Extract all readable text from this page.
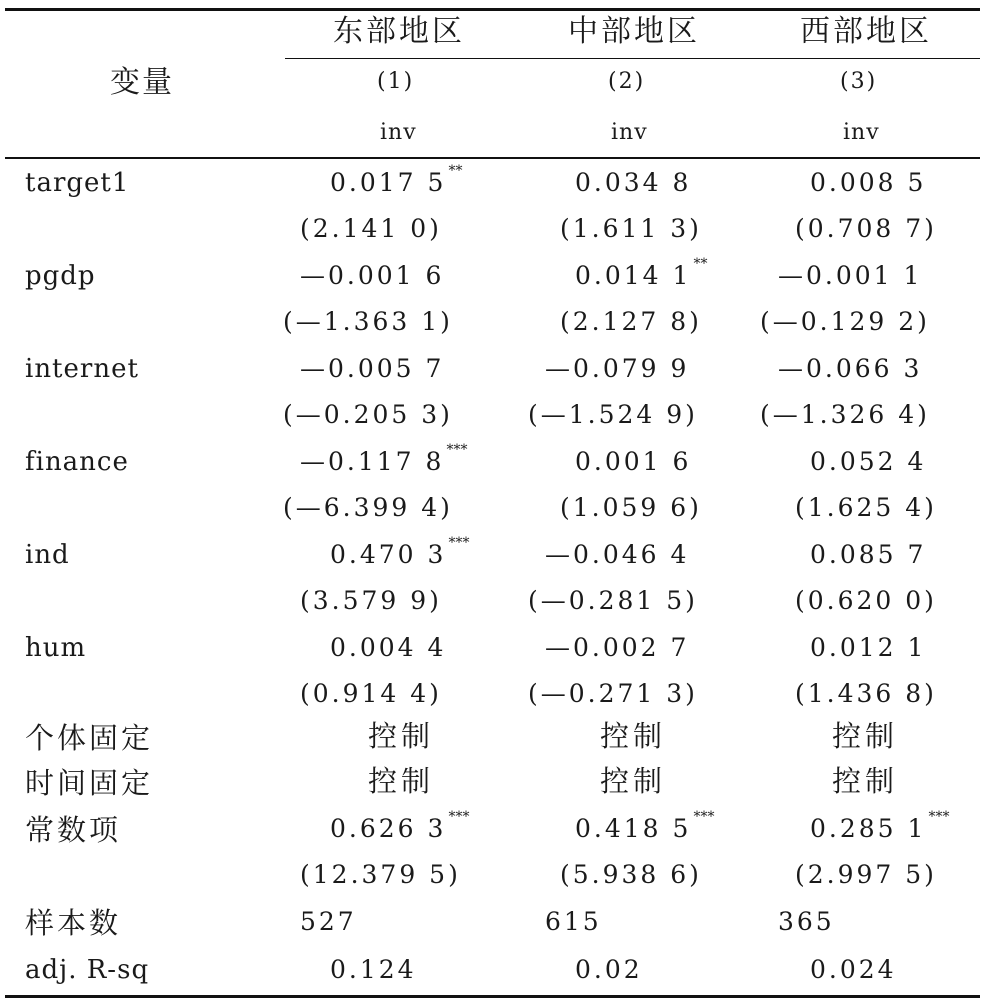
变量
东部地区	中部地区	西部地区
(1)	(2)	(3)
inv	inv	inv
target1	0.017 5 **	0.034 8	0.008 5
(2.141 0)	(1.611 3)	(0.708 7)
pgdp	—0.001 6	0.014 1 **	—0.001 1
(—1.363 1)	(2.127 8) (—0.129 2)
internet	—0.005 7	—0.079 9	—0.066 3
(—0.205 3)	(—1.524 9) (—1.326 4)
finance	—0.117 8 ***	0.001 6	0.052 4
(—6.399 4)	(1.059 6)	(1.625 4)
ind	0.470 3 ***	—0.046 4	0.085 7
(3.579 9)	(—0.281 5)	(0.620 0)
hum	0.004 4	—0.002 7	0.012 1
(0.914 4)	(—0.271 3)	(1.436 8)
个体固定	控制	控制	控制
时间固定	控制	控制	控制
常数项	0.626 3 ***	0.418 5 ***	0.285 1 ***
(12.379 5)	(5.938 6)	(2.997 5)
样本数	527	615	365
adj. R-sq	0.124	0.02	0.024
